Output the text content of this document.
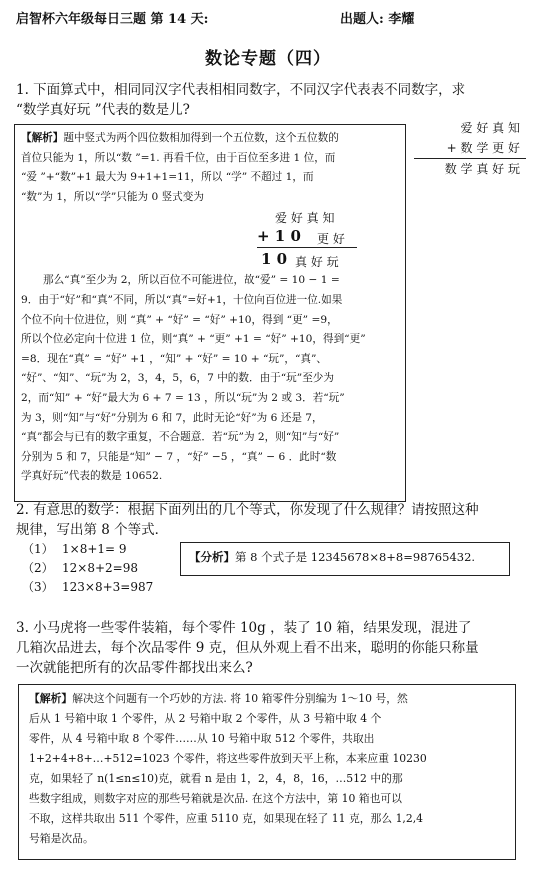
启智杯六年级每日三题 第 14 天:	出题人: 李耀
数论专题（四）
1. 下面算式中，相同同汉字代表相相同数字，不同汉字代表表不同数字，求
“数学真好玩 ”代表的数是儿?
爱 好 真 知
+ 数 学 更 好
数 学 真 好 玩
【解析】题中竖式为两个四位数相加得到一个五位数，这个五位数的
首位只能为 1，所以“数 ”=1. 再看千位，由于百位至多进 1 位，而
“爱 ”+“数”+1 最大为 9+1+1=11，所以 “学” 不超过 1，而
“数”为 1，所以“学”只能为 0 竖式变为
爱 好 真 知
+ 1 0 更 好
1 0 真 好 玩
那么“真”至少为 2，所以百位不可能进位，故“爱” = 10 − 1 =
9．由于“好”和“真”不同，所以“真”=好+1，十位向百位进一位.如果
个位不向十位进位，则 “真” + “好” = “好” +10，得到 “更” =9，
所以个位必定向十位进 1 位，则“真” + “更” +1 = “好” +10，得到“更”
=8．现在“真” = “好” +1 ，“知” + “好” = 10 + “玩”，“真”、
“好”、“知”、“玩”为 2，3，4，5，6，7 中的数．由于“玩”至少为
2，而“知” + “好”最大为 6 + 7 = 13 ，所以“玩”为 2 或 3．若“玩”
为 3，则“知”与“好”分别为 6 和 7，此时无论“好”为 6 还是 7，
“真”都会与已有的数字重复，不合题意．若“玩”为 2，则“知”与“好”
分别为 5 和 7，只能是“知” − 7 ，“好” −5 ，“真” − 6 ．此时“数
学真好玩”代表的数是 10652.
2. 有意思的数学：根据下面列出的几个等式，你发现了什么规律？请按照这种
规律，写出第 8 个等式．
（1） 1×8+1= 9
（2） 12×8+2=98
（3） 123×8+3=987
【分析】第 8 个式子是 12345678×8+8=98765432.
3. 小马虎将一些零件装箱，每个零件 10g ，装了 10 箱，结果发现，混进了
几箱次品进去，每个次品零件 9 克，但从外观上看不出来，聪明的你能只称量
一次就能把所有的次品零件都找出来么?
【解析】解决这个问题有一个巧妙的方法. 将 10 箱零件分别编为 1～10 号，然
后从 1 号箱中取 1 个零件，从 2 号箱中取 2 个零件，从 3 号箱中取 4 个
零件，从 4 号箱中取 8 个零件……从 10 号箱中取 512 个零件，共取出
1+2+4+8+…+512=1023 个零件，将这些零件放到天平上称，本来应重 10230
克，如果轻了 n(1≤n≤10)克，就看 n 是由 1，2，4，8，16，…512 中的那
些数字组成，则数字对应的那些号箱就是次品. 在这个方法中，第 10 箱也可以
不取，这样共取出 511 个零件，应重 5110 克，如果现在轻了 11 克，那么 1,2,4
号箱是次品。
